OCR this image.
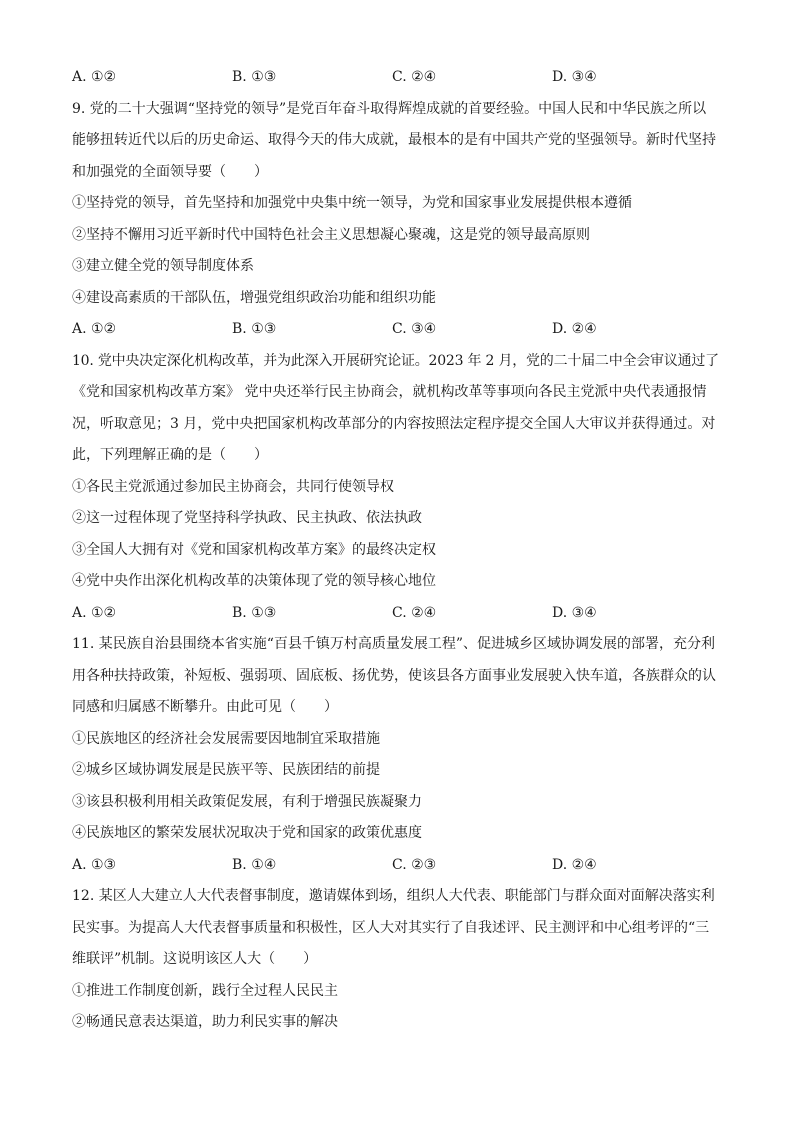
A. ①②	B. ①③	C. ②④	D. ③④
9. 党的二十大强调“坚持党的领导”是党百年奋斗取得辉煌成就的首要经验。中国人民和中华民族之所以
能够扭转近代以后的历史命运、取得今天的伟大成就，最根本的是有中国共产党的坚强领导。新时代坚持
和加强党的全面领导要（　　）
①坚持党的领导，首先坚持和加强党中央集中统一领导，为党和国家事业发展提供根本遵循
②坚持不懈用习近平新时代中国特色社会主义思想凝心聚魂，这是党的领导最高原则
③建立健全党的领导制度体系
④建设高素质的干部队伍，增强党组织政治功能和组织功能
A. ①②	B. ①③	C. ③④	D. ②④
10. 党中央决定深化机构改革，并为此深入开展研究论证。2023 年 2 月，党的二十届二中全会审议通过了
《党和国家机构改革方案》 党中央还举行民主协商会，就机构改革等事项向各民主党派中央代表通报情
况，听取意见；3 月，党中央把国家机构改革部分的内容按照法定程序提交全国人大审议并获得通过。对
此，下列理解正确的是（　　）
①各民主党派通过参加民主协商会，共同行使领导权
②这一过程体现了党坚持科学执政、民主执政、依法执政
③全国人大拥有对《党和国家机构改革方案》的最终决定权
④党中央作出深化机构改革的决策体现了党的领导核心地位
A. ①②	B. ①③	C. ②④	D. ③④
11. 某民族自治县围绕本省实施“百县千镇万村高质量发展工程”、促进城乡区域协调发展的部署，充分利
用各种扶持政策，补短板、强弱项、固底板、扬优势，使该县各方面事业发展驶入快车道，各族群众的认
同感和归属感不断攀升。由此可见（　　）
①民族地区的经济社会发展需要因地制宜采取措施
②城乡区域协调发展是民族平等、民族团结的前提
③该县积极利用相关政策促发展，有利于增强民族凝聚力
④民族地区的繁荣发展状况取决于党和国家的政策优惠度
A. ①③	B. ①④	C. ②③	D. ②④
12. 某区人大建立人大代表督事制度，邀请媒体到场，组织人大代表、职能部门与群众面对面解决落实利
民实事。为提高人大代表督事质量和积极性，区人大对其实行了自我述评、民主测评和中心组考评的“三
维联评”机制。这说明该区人大（　　）
①推进工作制度创新，践行全过程人民民主
②畅通民意表达渠道，助力利民实事的解决
